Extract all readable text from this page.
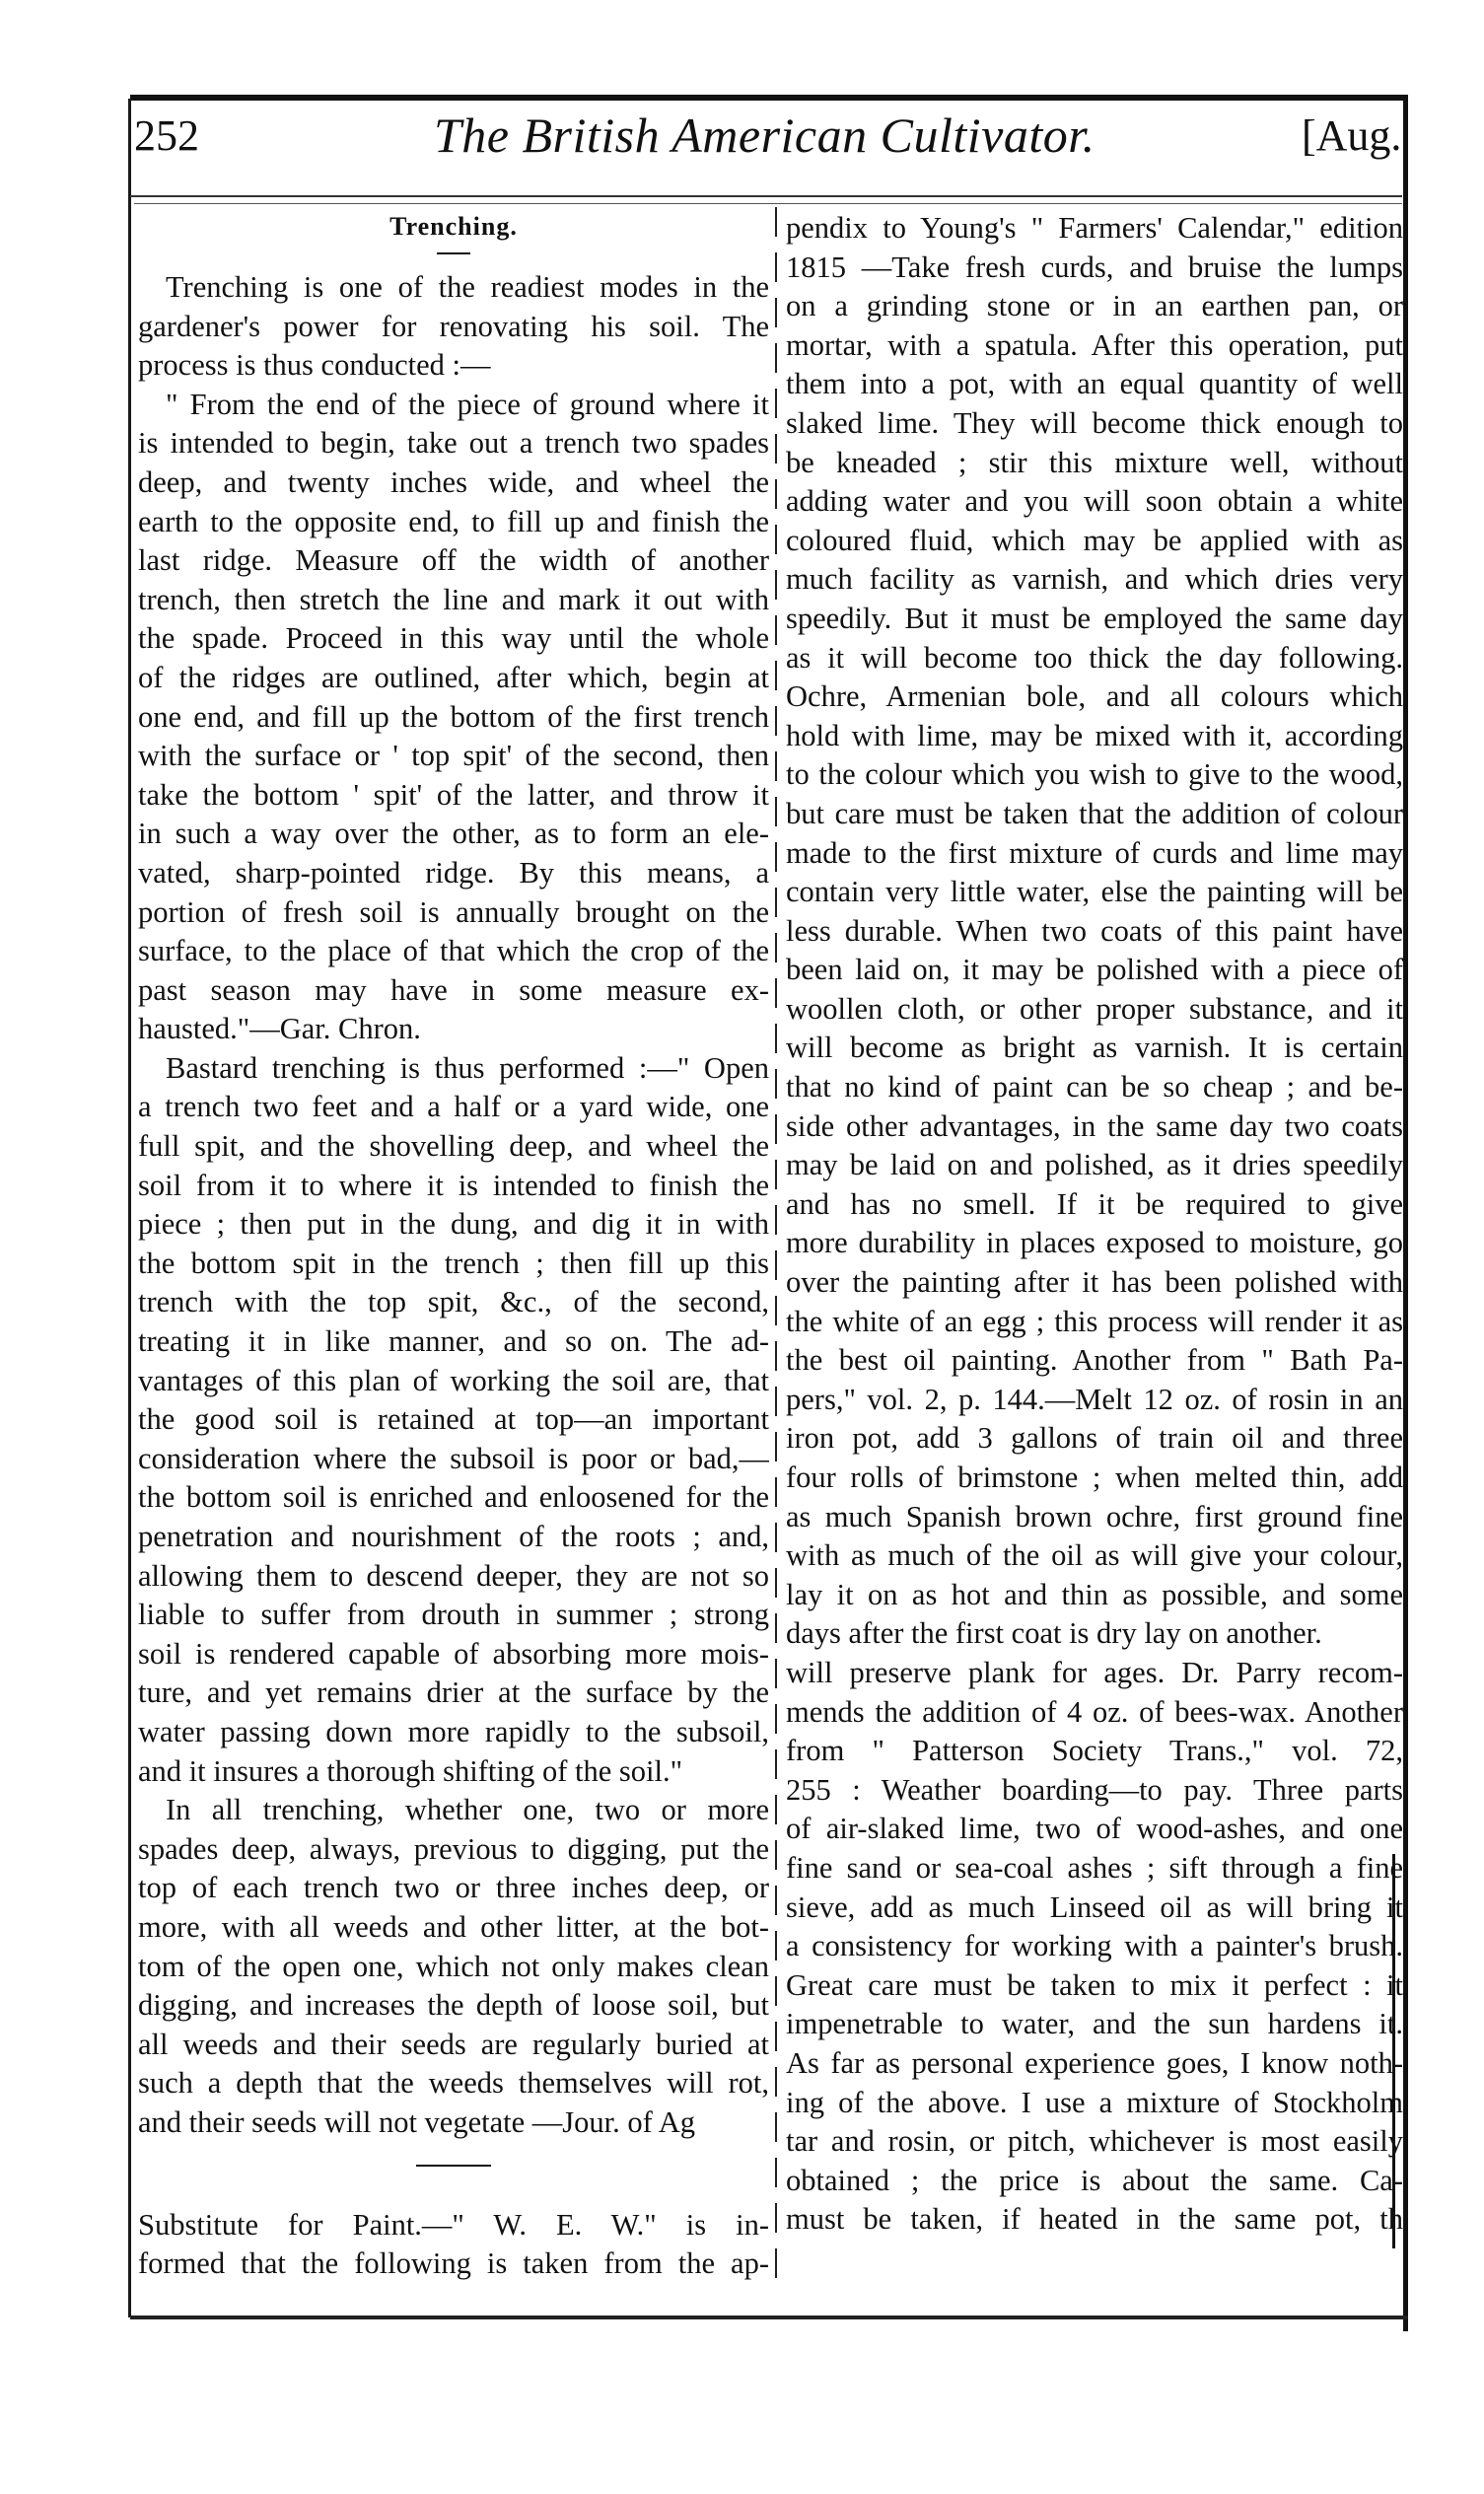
252	The British American Cultivator.	[Aug.
Trenching.
Trenching is one of the readiest modes in the
gardener's power for renovating his soil. The
process is thus conducted :—
" From the end of the piece of ground where it
is intended to begin, take out a trench two spades
deep, and twenty inches wide, and wheel the
earth to the opposite end, to fill up and finish the
last ridge. Measure off the width of another
trench, then stretch the line and mark it out with
the spade. Proceed in this way until the whole
of the ridges are outlined, after which, begin at
one end, and fill up the bottom of the first trench
with the surface or ' top spit' of the second, then
take the bottom ' spit' of the latter, and throw it
in such a way over the other, as to form an ele-
vated, sharp-pointed ridge. By this means, a
portion of fresh soil is annually brought on the
surface, to the place of that which the crop of the
past season may have in some measure ex-
hausted."—Gar. Chron.
Bastard trenching is thus performed :—" Open
a trench two feet and a half or a yard wide, one
full spit, and the shovelling deep, and wheel the
soil from it to where it is intended to finish the
piece ; then put in the dung, and dig it in with
the bottom spit in the trench ; then fill up this
trench with the top spit, &c., of the second,
treating it in like manner, and so on. The ad-
vantages of this plan of working the soil are, that
the good soil is retained at top—an important
consideration where the subsoil is poor or bad,—
the bottom soil is enriched and enloosened for the
penetration and nourishment of the roots ; and,
allowing them to descend deeper, they are not so
liable to suffer from drouth in summer ; strong
soil is rendered capable of absorbing more mois-
ture, and yet remains drier at the surface by the
water passing down more rapidly to the subsoil,
and it insures a thorough shifting of the soil."
In all trenching, whether one, two or more
spades deep, always, previous to digging, put the
top of each trench two or three inches deep, or
more, with all weeds and other litter, at the bot-
tom of the open one, which not only makes clean
digging, and increases the depth of loose soil, but
all weeds and their seeds are regularly buried at
such a depth that the weeds themselves will rot,
and their seeds will not vegetate —Jour. of Ag
Substitute for Paint.—" W. E. W." is in-
formed that the following is taken from the ap-
pendix to Young's " Farmers' Calendar," edition
1815 —Take fresh curds, and bruise the lumps
on a grinding stone or in an earthen pan, or
mortar, with a spatula. After this operation, put
them into a pot, with an equal quantity of well
slaked lime. They will become thick enough to
be kneaded ; stir this mixture well, without
adding water and you will soon obtain a white
coloured fluid, which may be applied with as
much facility as varnish, and which dries very
speedily. But it must be employed the same day
as it will become too thick the day following.
Ochre, Armenian bole, and all colours which
hold with lime, may be mixed with it, according
to the colour which you wish to give to the wood,
but care must be taken that the addition of colour
made to the first mixture of curds and lime may
contain very little water, else the painting will be
less durable. When two coats of this paint have
been laid on, it may be polished with a piece of
woollen cloth, or other proper substance, and it
will become as bright as varnish. It is certain
that no kind of paint can be so cheap ; and be-
side other advantages, in the same day two coats
may be laid on and polished, as it dries speedily
and has no smell. If it be required to give
more durability in places exposed to moisture, go
over the painting after it has been polished with
the white of an egg ; this process will render it as
the best oil painting. Another from " Bath Pa-
pers," vol. 2, p. 144.—Melt 12 oz. of rosin in an
iron pot, add 3 gallons of train oil and three
four rolls of brimstone ; when melted thin, add
as much Spanish brown ochre, first ground fine
with as much of the oil as will give your colour,
lay it on as hot and thin as possible, and some
days after the first coat is dry lay on another.
will preserve plank for ages. Dr. Parry recom-
mends the addition of 4 oz. of bees-wax. Another
from " Patterson Society Trans.," vol. 72,
255 : Weather boarding—to pay. Three parts
of air-slaked lime, two of wood-ashes, and one
fine sand or sea-coal ashes ; sift through a fine
sieve, add as much Linseed oil as will bring it
a consistency for working with a painter's brush.
Great care must be taken to mix it perfect : it
impenetrable to water, and the sun hardens it.
As far as personal experience goes, I know noth-
ing of the above. I use a mixture of Stockholm
tar and rosin, or pitch, whichever is most easily
obtained ; the price is about the same. Ca-
must be taken, if heated in the same pot, th
